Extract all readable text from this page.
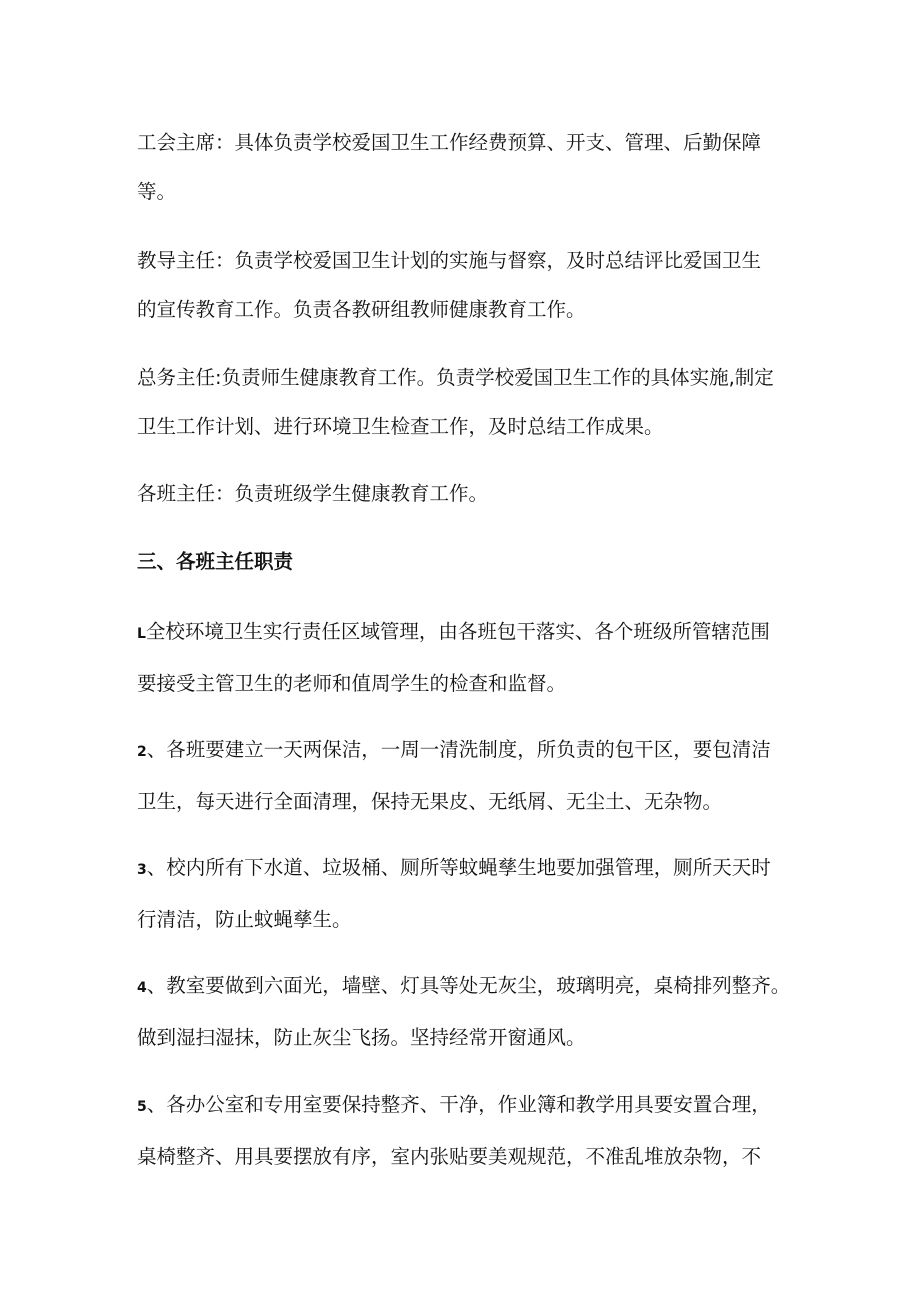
工会主席：具体负责学校爱国卫生工作经费预算、开支、管理、后勤保障
等。
教导主任：负责学校爱国卫生计划的实施与督察，及时总结评比爱国卫生
的宣传教育工作。负责各教研组教师健康教育工作。
总务主任:负责师生健康教育工作。负责学校爱国卫生工作的具体实施,制定
卫生工作计划、进行环境卫生检查工作，及时总结工作成果。
各班主任：负责班级学生健康教育工作。
三、各班主任职责
L全校环境卫生实行责任区域管理，由各班包干落实、各个班级所管辖范围
要接受主管卫生的老师和值周学生的检查和监督。
2、各班要建立一天两保洁，一周一清洗制度，所负责的包干区，要包清洁
卫生，每天进行全面清理，保持无果皮、无纸屑、无尘土、无杂物。
3、校内所有下水道、垃圾桶、厕所等蚊蝇孳生地要加强管理，厕所天天时
行清洁，防止蚊蝇孳生。
4、教室要做到六面光，墙壁、灯具等处无灰尘，玻璃明亮，桌椅排列整齐。
做到湿扫湿抹，防止灰尘飞扬。坚持经常开窗通风。
5、各办公室和专用室要保持整齐、干净，作业簿和教学用具要安置合理，
桌椅整齐、用具要摆放有序，室内张贴要美观规范，不准乱堆放杂物，不
